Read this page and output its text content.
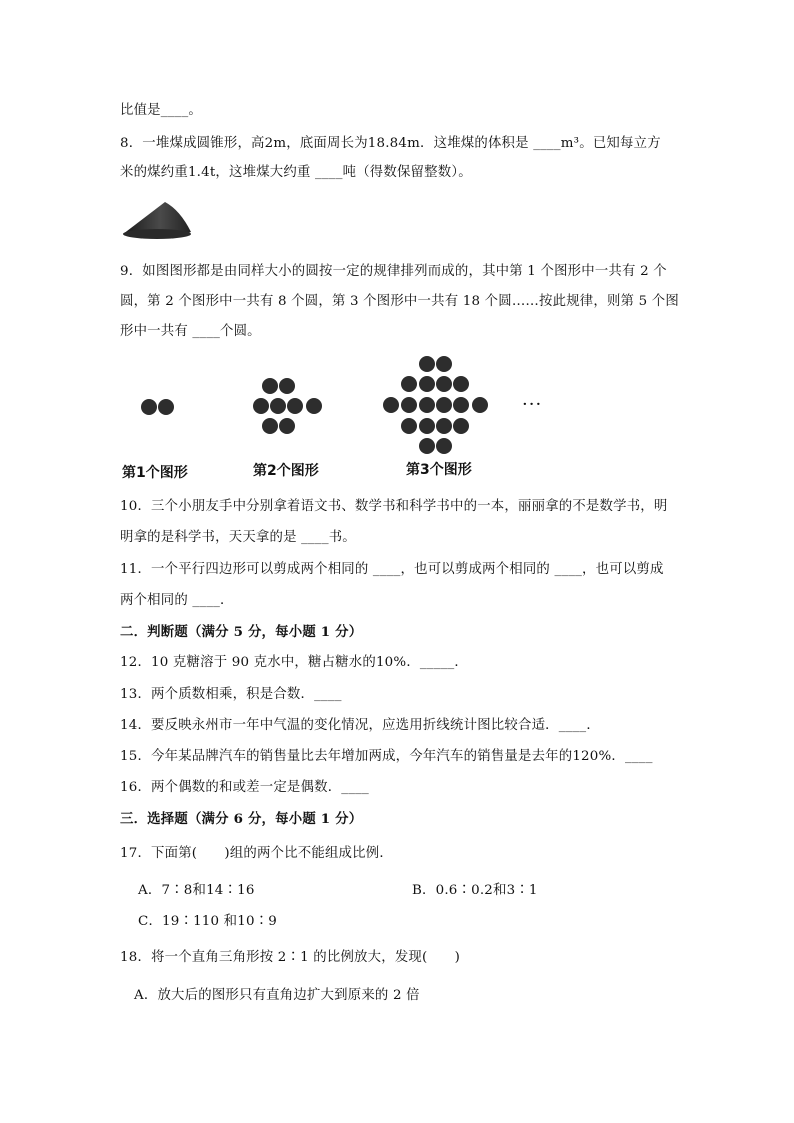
比值是____。
8．一堆煤成圆锥形，高2m，底面周长为18.84m．这堆煤的体积是 ____m³。已知每立方
米的煤约重1.4t，这堆煤大约重 ____吨（得数保留整数）。
9．如图图形都是由同样大小的圆按一定的规律排列而成的，其中第 1 个图形中一共有 2 个
圆，第 2 个图形中一共有 8 个圆，第 3 个图形中一共有 18 个圆……按此规律，则第 5 个图
形中一共有 ____个圆。
···
第1个图形	第2个图形	第3个图形
10．三个小朋友手中分别拿着语文书、数学书和科学书中的一本，丽丽拿的不是数学书，明
明拿的是科学书，天天拿的是 ____书。
11．一个平行四边形可以剪成两个相同的 ____，也可以剪成两个相同的 ____，也可以剪成
两个相同的 ____．
二．判断题（满分 5 分，每小题 1 分）
12．10 克糖溶于 90 克水中，糖占糖水的10%．_____．
13．两个质数相乘，积是合数．____
14．要反映永州市一年中气温的变化情况，应选用折线统计图比较合适．____．
15．今年某品牌汽车的销售量比去年增加两成，今年汽车的销售量是去年的120%．____
16．两个偶数的和或差一定是偶数．____
三．选择题（满分 6 分，每小题 1 分）
17．下面第(　　)组的两个比不能组成比例．
A．7∶8和14∶16	B．0.6∶0.2和3∶1
C．19∶110 和10∶9
18．将一个直角三角形按 2∶1 的比例放大，发现(　　)
A．放大后的图形只有直角边扩大到原来的 2 倍
